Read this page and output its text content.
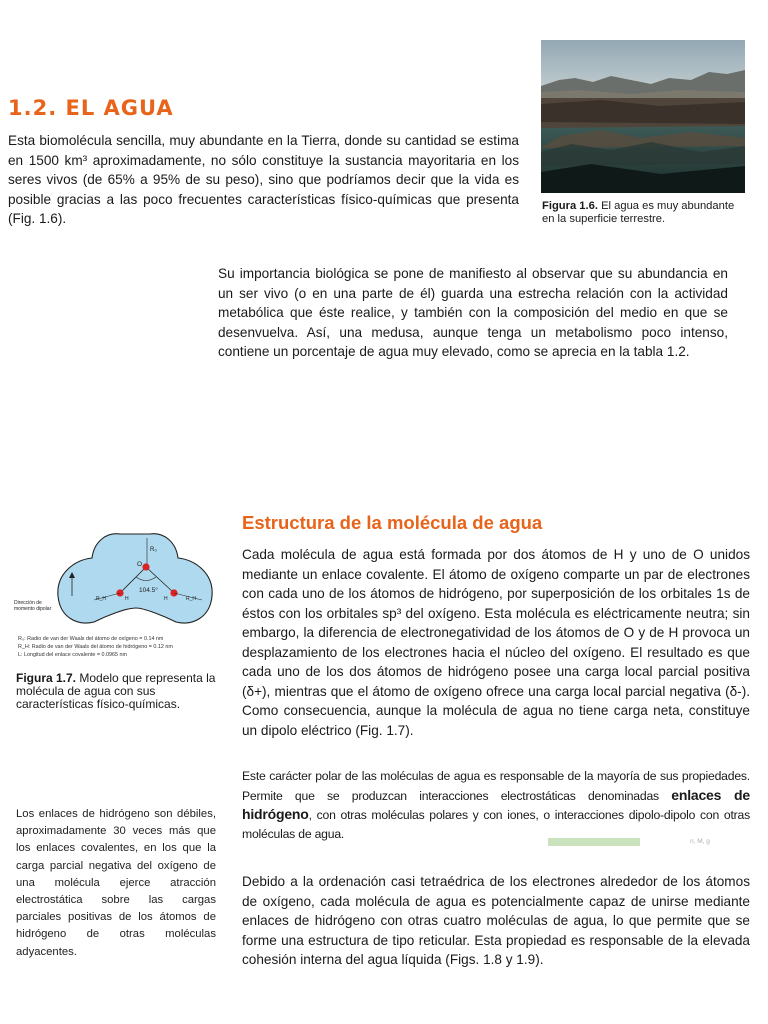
1.2. EL AGUA

Esta biomolécula sencilla, muy abundante en la Tierra, donde su cantidad se estima en 1500 km³ aproximadamente, no sólo constituye la sustancia mayoritaria en los seres vivos (de 65% a 95% de su peso), sino que podríamos decir que la vida es posible gracias a las poco frecuentes características físico-químicas que presenta (Fig. 1.6).

Figura 1.6. El agua es muy abundante en la superficie terrestre.

Su importancia biológica se pone de manifiesto al observar que su abundancia en un ser vivo (o en una parte de él) guarda una estrecha relación con la actividad metabólica que éste realice, y también con la composición del medio en que se desenvuelva. Así, una medusa, aunque tenga un metabolismo poco intenso, contiene un porcentaje de agua muy elevado, como se aprecia en la tabla 1.2.

Estructura de la molécula de agua

Cada molécula de agua está formada por dos átomos de H y uno de O unidos mediante un enlace covalente. El átomo de oxígeno comparte un par de electrones con cada uno de los átomos de hidrógeno, por superposición de los orbitales 1s de éstos con los orbitales sp³ del oxígeno. Esta molécula es eléctricamente neutra; sin embargo, la diferencia de electronegatividad de los átomos de O y de H provoca un desplazamiento de los electrones hacia el núcleo del oxígeno. El resultado es que cada uno de los dos átomos de hidrógeno posee una carga local parcial positiva (δ+), mientras que el átomo de oxígeno ofrece una carga local parcial negativa (δ-). Como consecuencia, aunque la molécula de agua no tiene carga neta, constituye un dipolo eléctrico (Fig. 1.7).

R₀
104.5°
O
H	H
R_H	R_H
Dirección de
momento dipolar
R₀: Radio de van der Waals del átomo de oxígeno = 0.14 nm
R_H: Radio de van der Waals del átomo de hidrógeno = 0.12 nm
L: Longitud del enlace covalente = 0.0965 nm

Figura 1.7. Modelo que representa la molécula de agua con sus características físico-químicas.

Este carácter polar de las moléculas de agua es responsable de la mayoría de sus propiedades. Permite que se produzcan interacciones electrostáticas denominadas enlaces de hidrógeno, con otras moléculas polares y con iones, o interacciones dipolo-dipolo con otras moléculas de agua.

n, M, g

Los enlaces de hidrógeno son débiles, aproximadamente 30 veces más que los enlaces covalentes, en los que la carga parcial negativa del oxígeno de una molécula ejerce atracción electrostática sobre las cargas parciales positivas de los átomos de hidrógeno de otras moléculas adyacentes.

Debido a la ordenación casi tetraédrica de los electrones alrededor de los átomos de oxígeno, cada molécula de agua es potencialmente capaz de unirse mediante enlaces de hidrógeno con otras cuatro moléculas de agua, lo que permite que se forme una estructura de tipo reticular. Esta propiedad es responsable de la elevada cohesión interna del agua líquida (Figs. 1.8 y 1.9).
